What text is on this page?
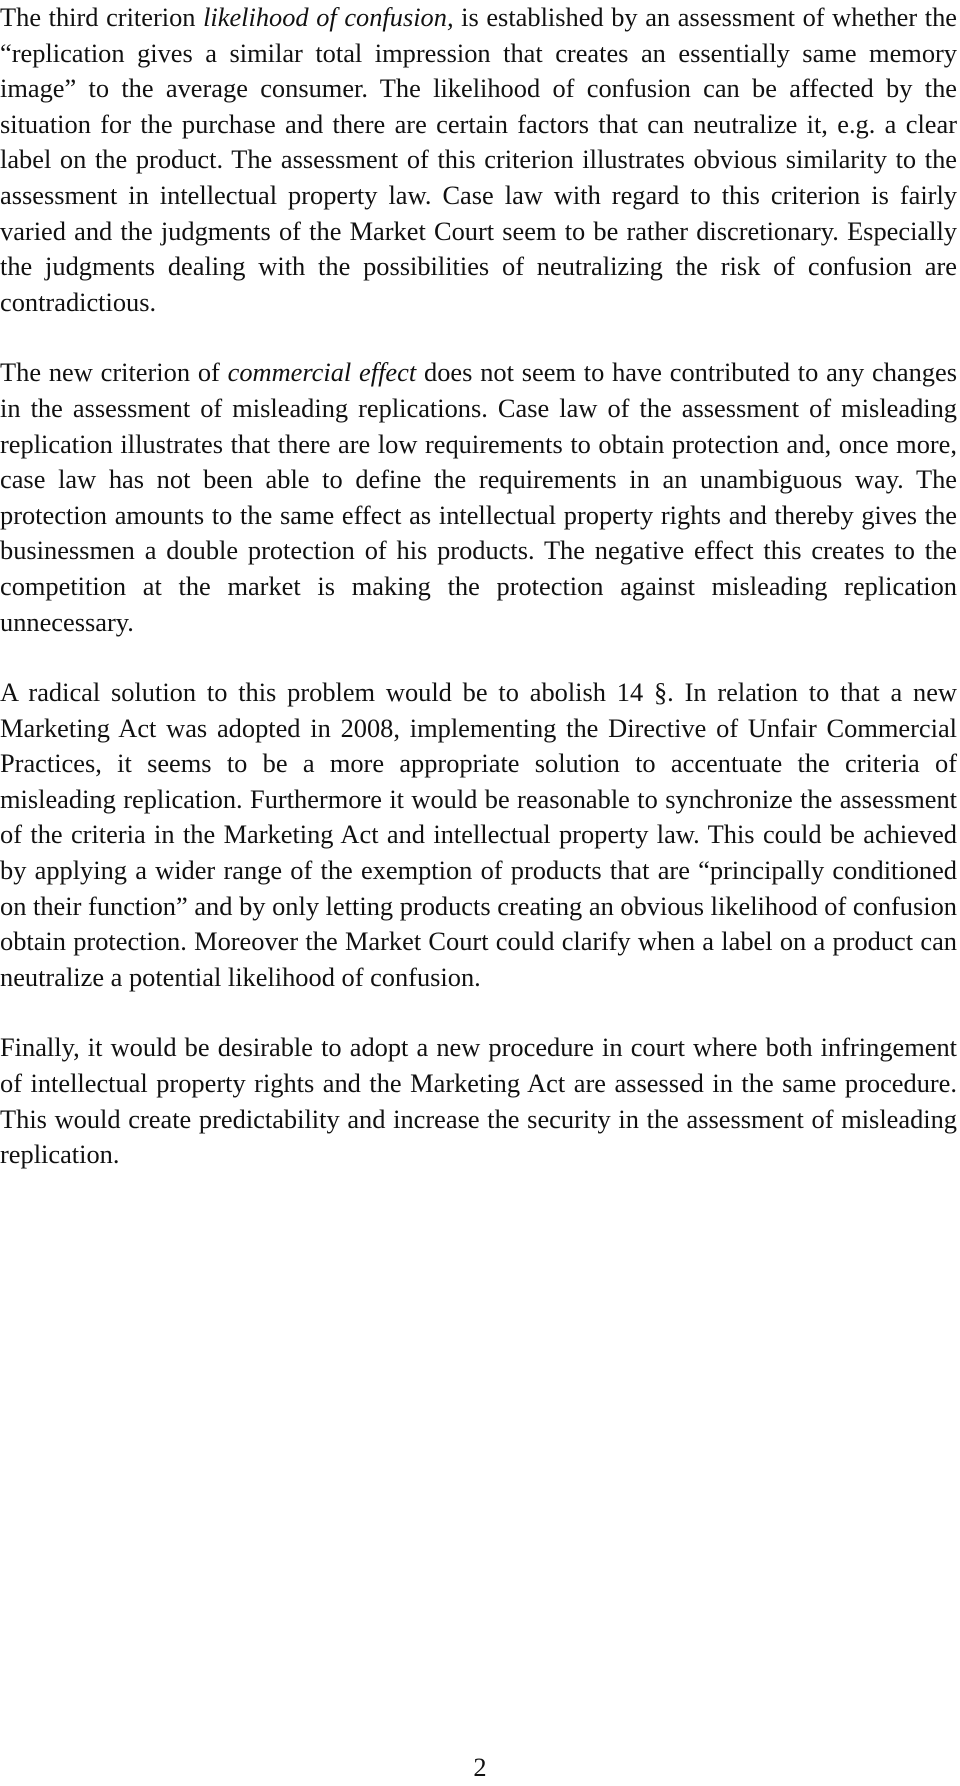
The third criterion likelihood of confusion, is established by an assessment of whether the “replication gives a similar total impression that creates an essentially same memory image” to the average consumer. The likelihood of confusion can be affected by the situation for the purchase and there are certain factors that can neutralize it, e.g. a clear label on the product. The assessment of this criterion illustrates obvious similarity to the assessment in intellectual property law. Case law with regard to this criterion is fairly varied and the judgments of the Market Court seem to be rather discretionary. Especially the judgments dealing with the possibilities of neutralizing the risk of confusion are contradictious.

The new criterion of commercial effect does not seem to have contributed to any changes in the assessment of misleading replications. Case law of the assessment of misleading replication illustrates that there are low requirements to obtain protection and, once more, case law has not been able to define the requirements in an unambiguous way. The protection amounts to the same effect as intellectual property rights and thereby gives the businessmen a double protection of his products. The negative effect this creates to the competition at the market is making the protection against misleading replication unnecessary.

A radical solution to this problem would be to abolish 14 §. In relation to that a new Marketing Act was adopted in 2008, implementing the Directive of Unfair Commercial Practices, it seems to be a more appropriate solution to accentuate the criteria of misleading replication. Furthermore it would be reasonable to synchronize the assessment of the criteria in the Marketing Act and intellectual property law. This could be achieved by applying a wider range of the exemption of products that are “principally conditioned on their function” and by only letting products creating an obvious likelihood of confusion obtain protection. Moreover the Market Court could clarify when a label on a product can neutralize a potential likelihood of confusion.

Finally, it would be desirable to adopt a new procedure in court where both infringement of intellectual property rights and the Marketing Act are assessed in the same procedure. This would create predictability and increase the security in the assessment of misleading replication.

2
